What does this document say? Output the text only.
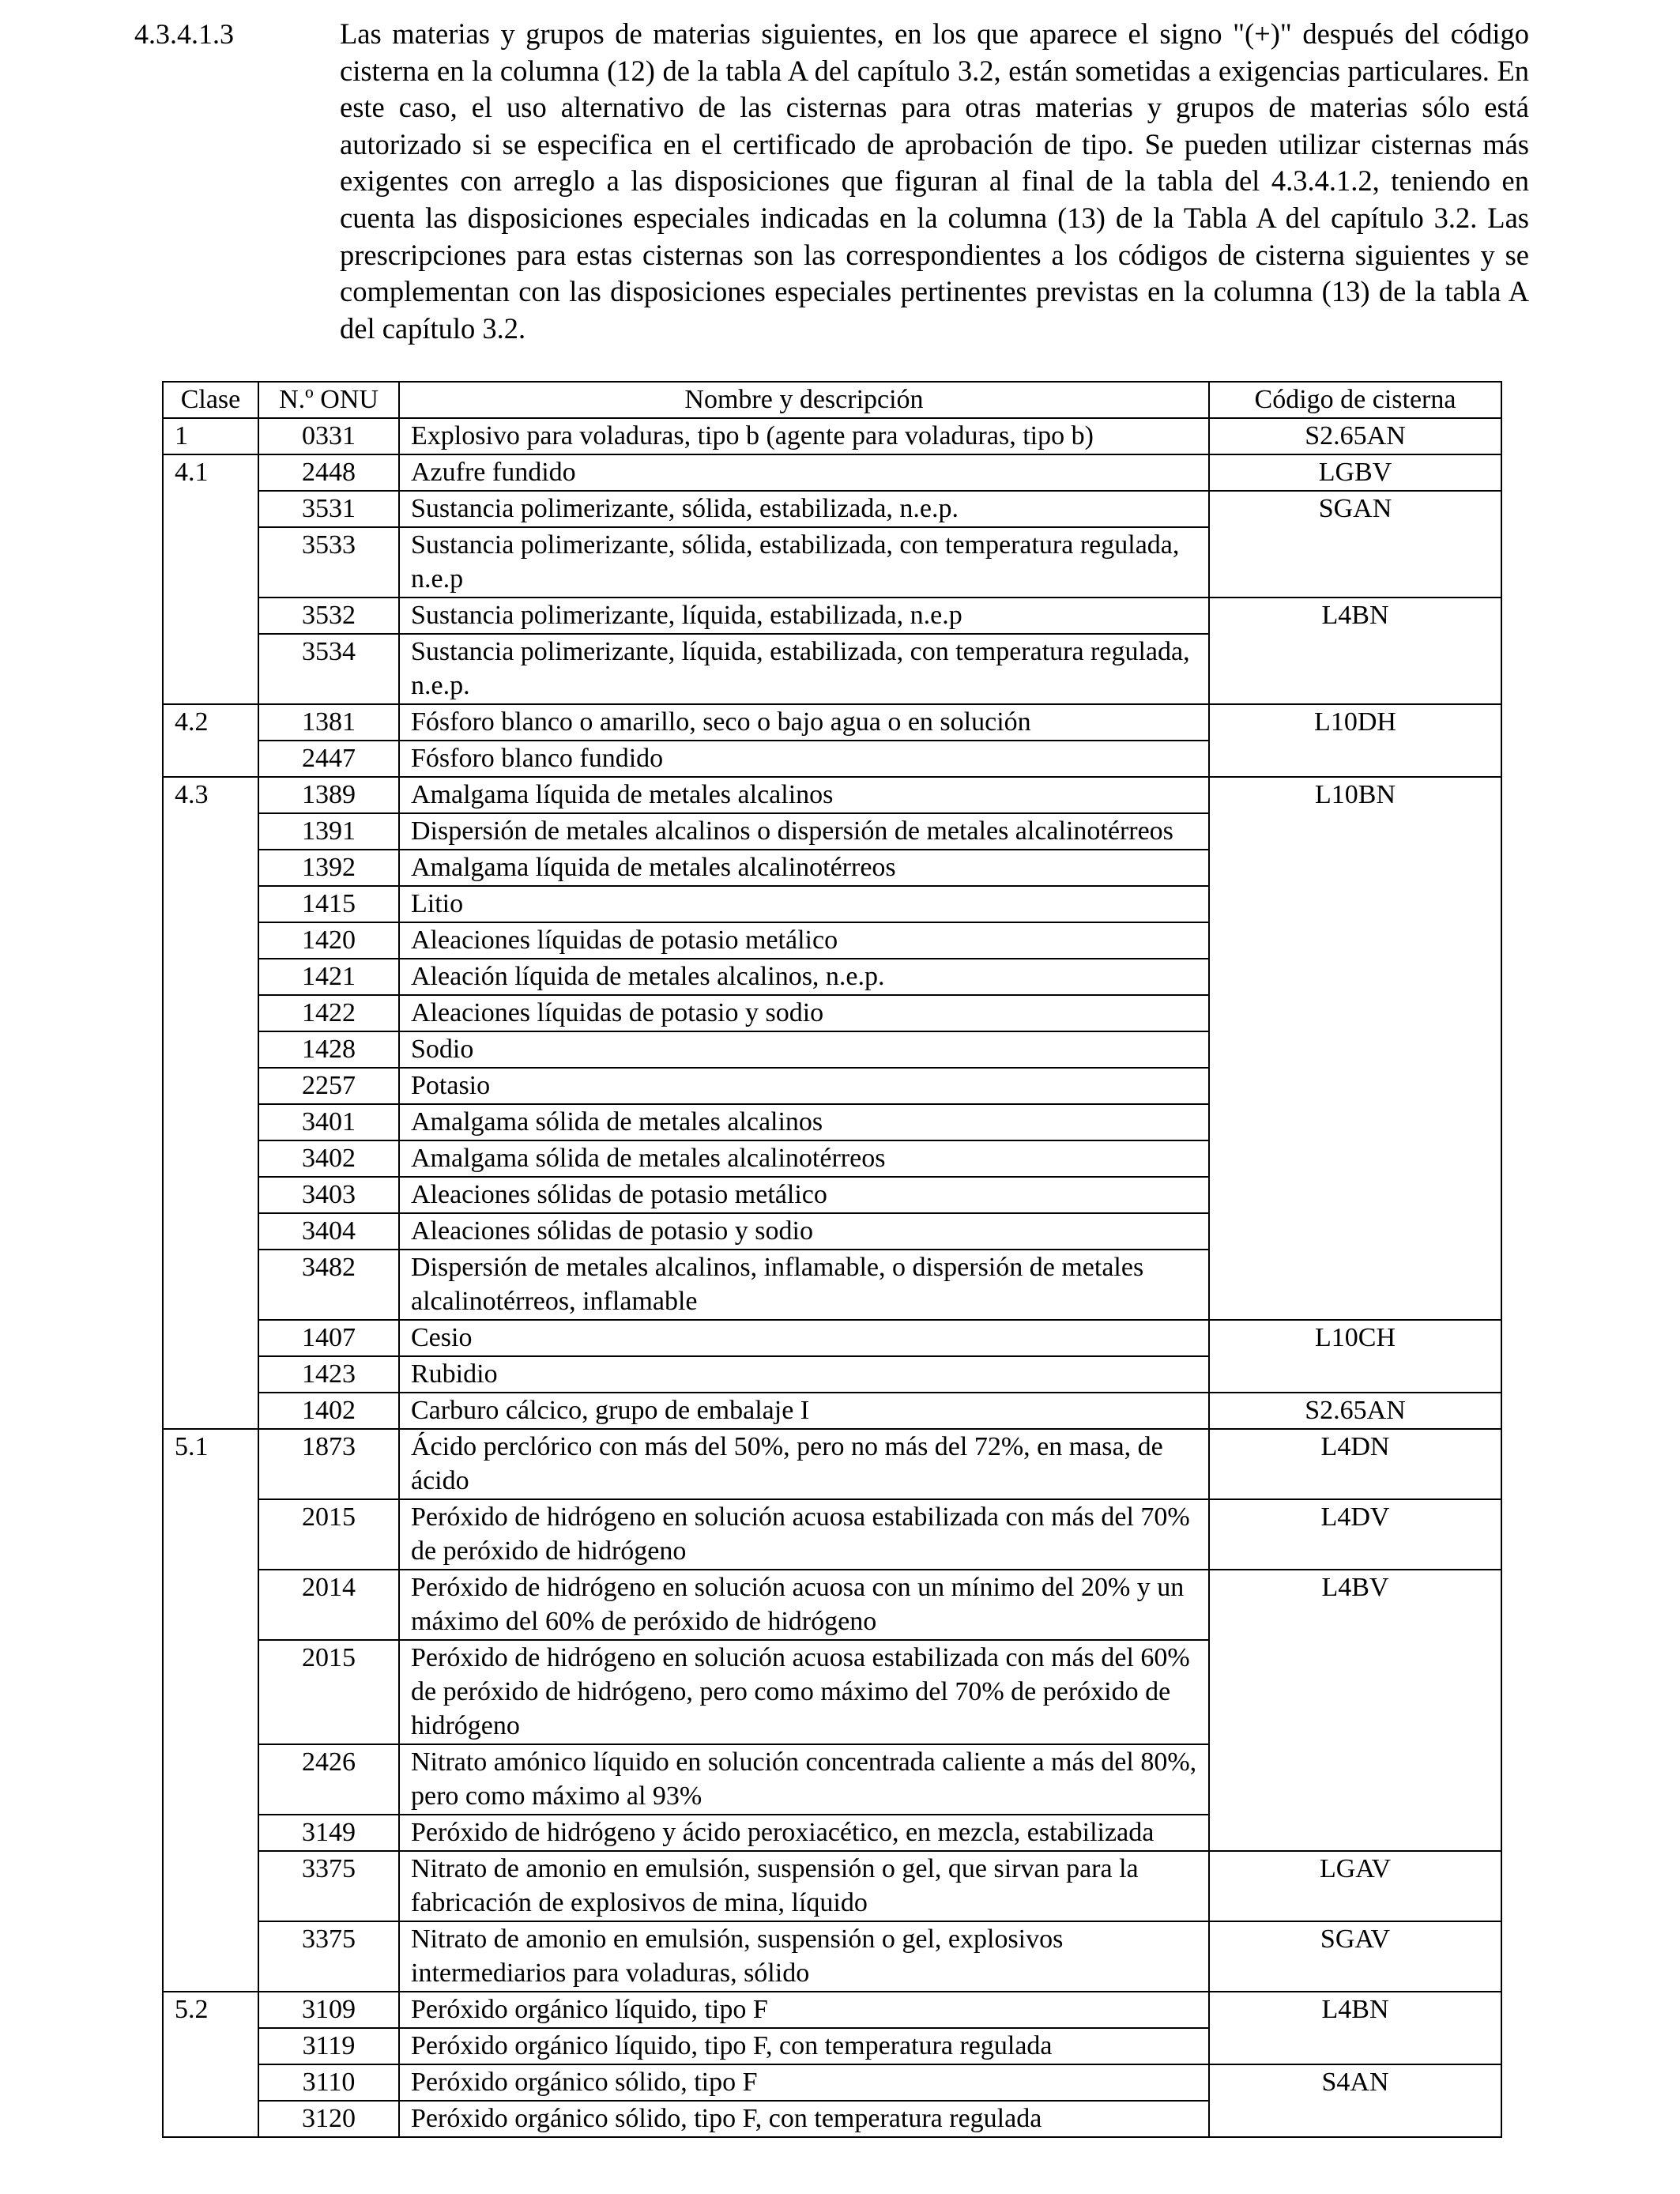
4.3.4.1.3	Las materias y grupos de materias siguientes, en los que aparece el signo "(+)" después del código cisterna en la columna (12) de la tabla A del capítulo 3.2, están sometidas a exigencias particulares. En este caso, el uso alternativo de las cisternas para otras materias y grupos de materias sólo está autorizado si se especifica en el certificado de aprobación de tipo. Se pueden utilizar cisternas más exigentes con arreglo a las disposiciones que figuran al final de la tabla del 4.3.4.1.2, teniendo en cuenta las disposiciones especiales indicadas en la columna (13) de la Tabla A del capítulo 3.2. Las prescripciones para estas cisternas son las correspondientes a los códigos de cisterna siguientes y se complementan con las disposiciones especiales pertinentes previstas en la columna (13) de la tabla A del capítulo 3.2.

Clase	N.º ONU	Nombre y descripción	Código de cisterna
1	0331	Explosivo para voladuras, tipo b (agente para voladuras, tipo b)	S2.65AN
4.1	2448	Azufre fundido	LGBV
	3531	Sustancia polimerizante, sólida, estabilizada, n.e.p.	SGAN
	3533	Sustancia polimerizante, sólida, estabilizada, con temperatura regulada, n.e.p	
	3532	Sustancia polimerizante, líquida, estabilizada, n.e.p	L4BN
	3534	Sustancia polimerizante, líquida, estabilizada, con temperatura regulada, n.e.p.	
4.2	1381	Fósforo blanco o amarillo, seco o bajo agua o en solución	L10DH
	2447	Fósforo blanco fundido	
4.3	1389	Amalgama líquida de metales alcalinos	L10BN
	1391	Dispersión de metales alcalinos o dispersión de metales alcalinotérreos	
	1392	Amalgama líquida de metales alcalinotérreos	
	1415	Litio	
	1420	Aleaciones líquidas de potasio metálico	
	1421	Aleación líquida de metales alcalinos, n.e.p.	
	1422	Aleaciones líquidas de potasio y sodio	
	1428	Sodio	
	2257	Potasio	
	3401	Amalgama sólida de metales alcalinos	
	3402	Amalgama sólida de metales alcalinotérreos	
	3403	Aleaciones sólidas de potasio metálico	
	3404	Aleaciones sólidas de potasio y sodio	
	3482	Dispersión de metales alcalinos, inflamable, o dispersión de metales alcalinotérreos, inflamable	
	1407	Cesio	L10CH
	1423	Rubidio	
	1402	Carburo cálcico, grupo de embalaje I	S2.65AN
5.1	1873	Ácido perclórico con más del 50%, pero no más del 72%, en masa, de ácido	L4DN
	2015	Peróxido de hidrógeno en solución acuosa estabilizada con más del 70% de peróxido de hidrógeno	L4DV
	2014	Peróxido de hidrógeno en solución acuosa con un mínimo del 20% y un máximo del 60% de peróxido de hidrógeno	L4BV
	2015	Peróxido de hidrógeno en solución acuosa estabilizada con más del 60% de peróxido de hidrógeno, pero como máximo del 70% de peróxido de hidrógeno	
	2426	Nitrato amónico líquido en solución concentrada caliente a más del 80%, pero como máximo al 93%	
	3149	Peróxido de hidrógeno y ácido peroxiacético, en mezcla, estabilizada	
	3375	Nitrato de amonio en emulsión, suspensión o gel, que sirvan para la fabricación de explosivos de mina, líquido	LGAV
	3375	Nitrato de amonio en emulsión, suspensión o gel, explosivos intermediarios para voladuras, sólido	SGAV
5.2	3109	Peróxido orgánico líquido, tipo F	L4BN
	3119	Peróxido orgánico líquido, tipo F, con temperatura regulada	
	3110	Peróxido orgánico sólido, tipo F	S4AN
	3120	Peróxido orgánico sólido, tipo F, con temperatura regulada	
